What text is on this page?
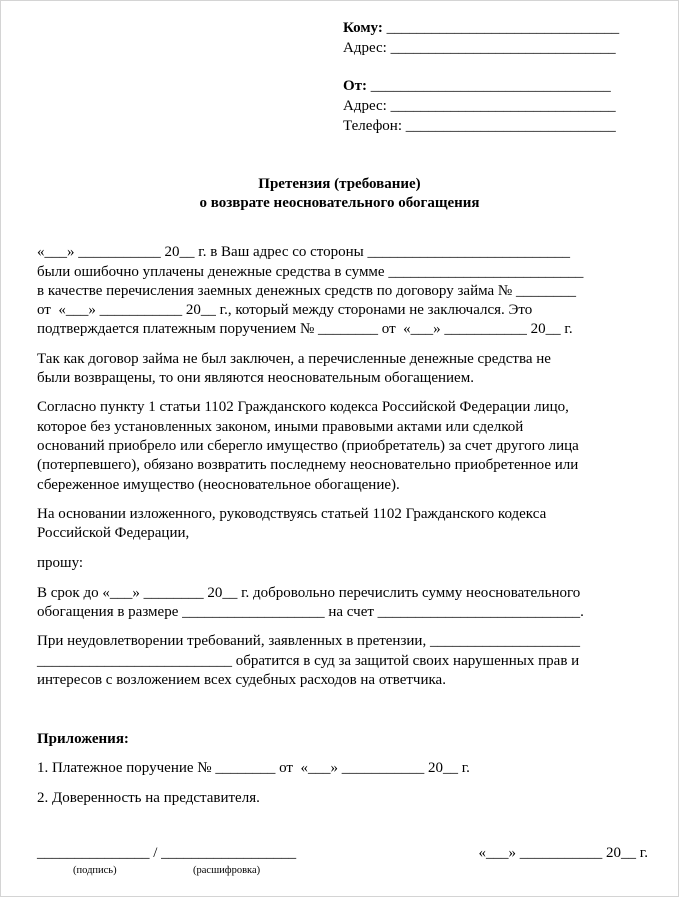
Кому: _______________________________
Адрес: ______________________________
От: ________________________________
Адрес: ______________________________
Телефон: ____________________________
Претензия (требование)
о возврате неосновательного обогащения
«___» ___________ 20__ г. в Ваш адрес со стороны ___________________________
были ошибочно уплачены денежные средства в сумме __________________________
в качестве перечисления заемных денежных средств по договору займа № ________
от  «___» ___________ 20__ г., который между сторонами не заключался. Это
подтверждается платежным поручением № ________ от  «___» ___________ 20__ г.
Так как договор займа не был заключен, а перечисленные денежные средства не
были возвращены, то они являются неосновательным обогащением.
Согласно пункту 1 статьи 1102 Гражданского кодекса Российской Федерации лицо,
которое без установленных законом, иными правовыми актами или сделкой
оснований приобрело или сберегло имущество (приобретатель) за счет другого лица
(потерпевшего), обязано возвратить последнему неосновательно приобретенное или
сбереженное имущество (неосновательное обогащение).
На основании изложенного, руководствуясь статьей 1102 Гражданского кодекса
Российской Федерации,
прошу:
В срок до «___» ________ 20__ г. добровольно перечислить сумму неосновательного
обогащения в размере ___________________ на счет ___________________________.
При неудовлетворении требований, заявленных в претензии, ____________________
__________________________ обратится в суд за защитой своих нарушенных прав и
интересов с возложением всех судебных расходов на ответчика.
Приложения:
1. Платежное поручение № ________ от  «___» ___________ 20__ г.
2. Доверенность на представителя.
_______________ / __________________
(подпись)	(расшифровка)
«___» ___________ 20__ г.
